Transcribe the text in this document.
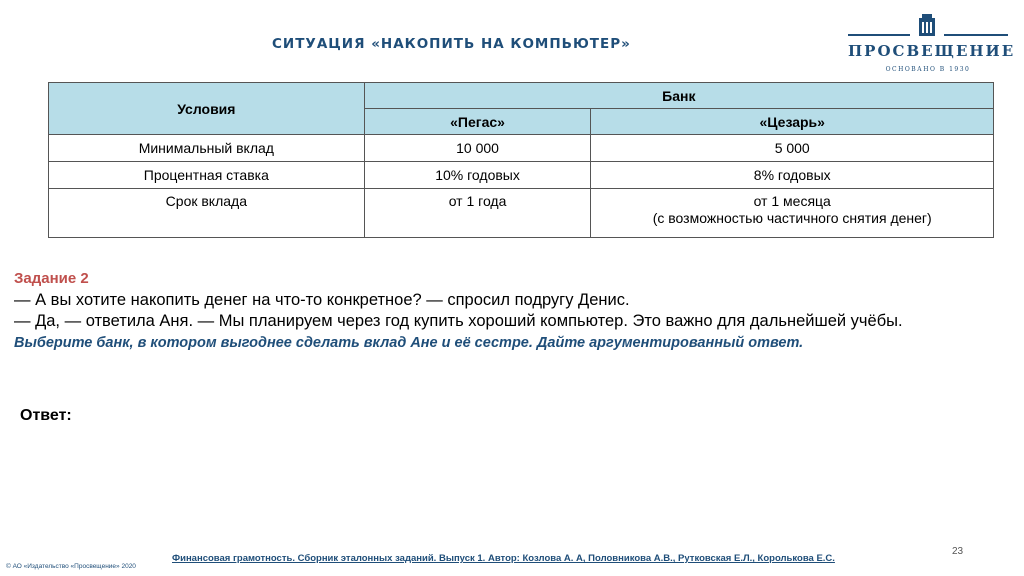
СИТУАЦИЯ «НАКОПИТЬ НА КОМПЬЮТЕР»	ПРОСВЕЩЕНИЕ
ОСНОВАНО В 1930
Условия	Банк	
	«Пегас»	«Цезарь»
Минимальный вклад	10 000	5 000
Процентная ставка	10% годовых	8% годовых
Срок вклада	от 1 года	от 1 месяца
(с возможностью частичного снятия денег)
Задание 2
— А вы хотите накопить денег на что-то конкретное? — спросил подругу Денис.
— Да, — ответила Аня. — Мы планируем через год купить хороший компьютер. Это важно для дальнейшей учёбы.
Выберите банк, в котором выгоднее сделать вклад Ане и её сестре. Дайте аргументированный ответ.
Ответ:
23
Финансовая грамотность. Сборник эталонных заданий. Выпуск 1. Автор: Козлова А. А, Половникова А.В., Рутковская Е.Л., Королькова Е.С.
© АО «Издательство «Просвещение» 2020
